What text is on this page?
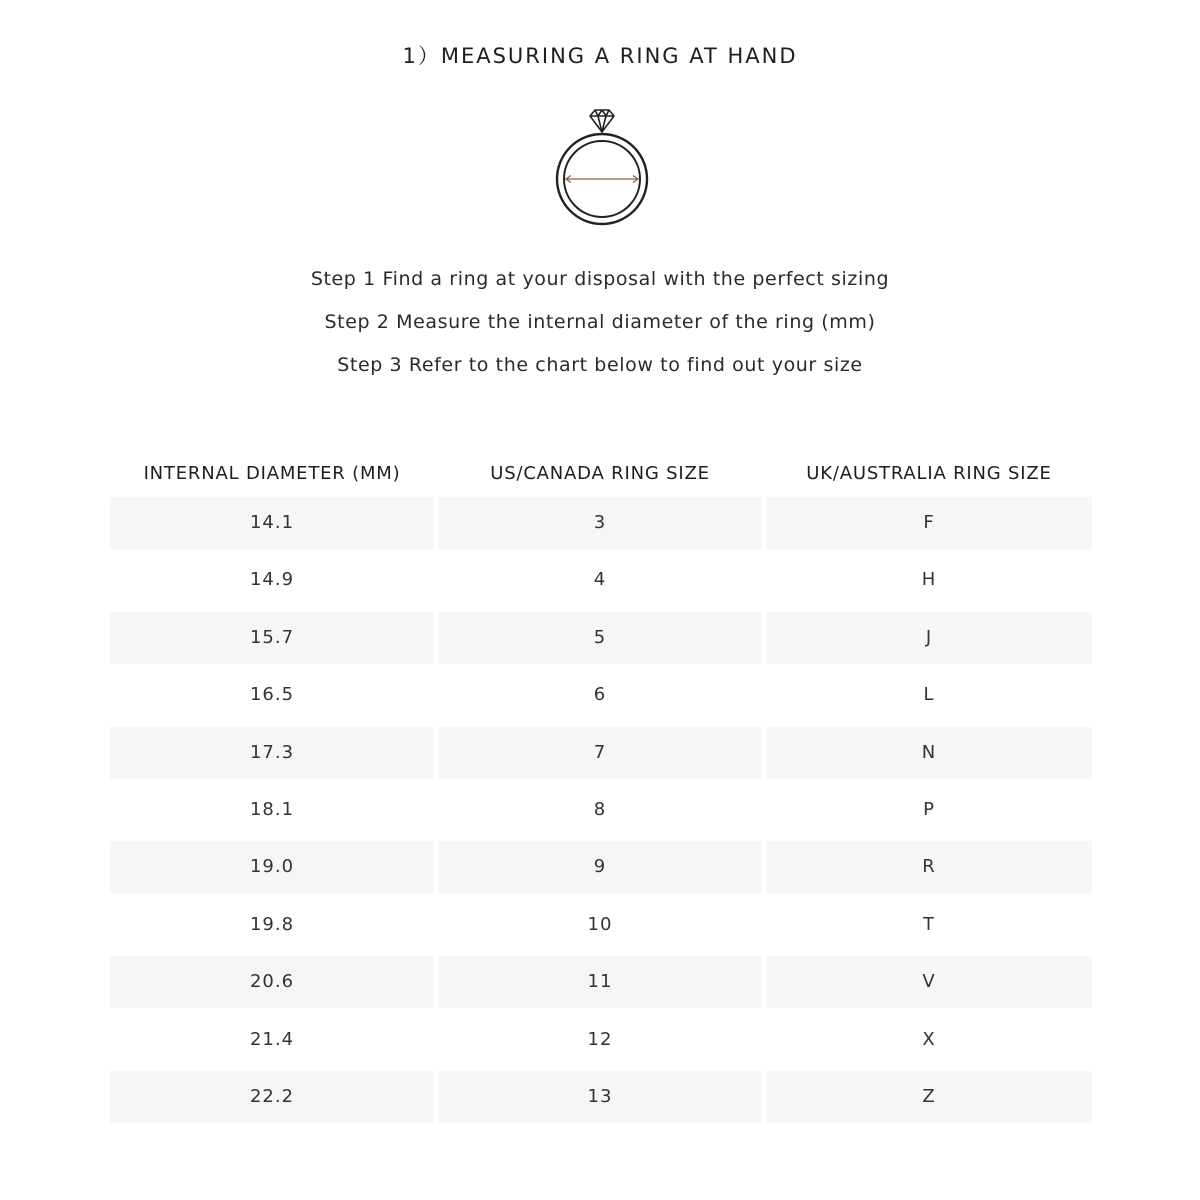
1）MEASURING A RING AT HAND
Step 1 Find a ring at your disposal with the perfect sizing
Step 2 Measure the internal diameter of the ring (mm)
Step 3 Refer to the chart below to find out your size
INTERNAL DIAMETER (MM)	US/CANADA RING SIZE	UK/AUSTRALIA RING SIZE
14.1	3	F
14.9	4	H
15.7	5	J
16.5	6	L
17.3	7	N
18.1	8	P
19.0	9	R
19.8	10	T
20.6	11	V
21.4	12	X
22.2	13	Z
